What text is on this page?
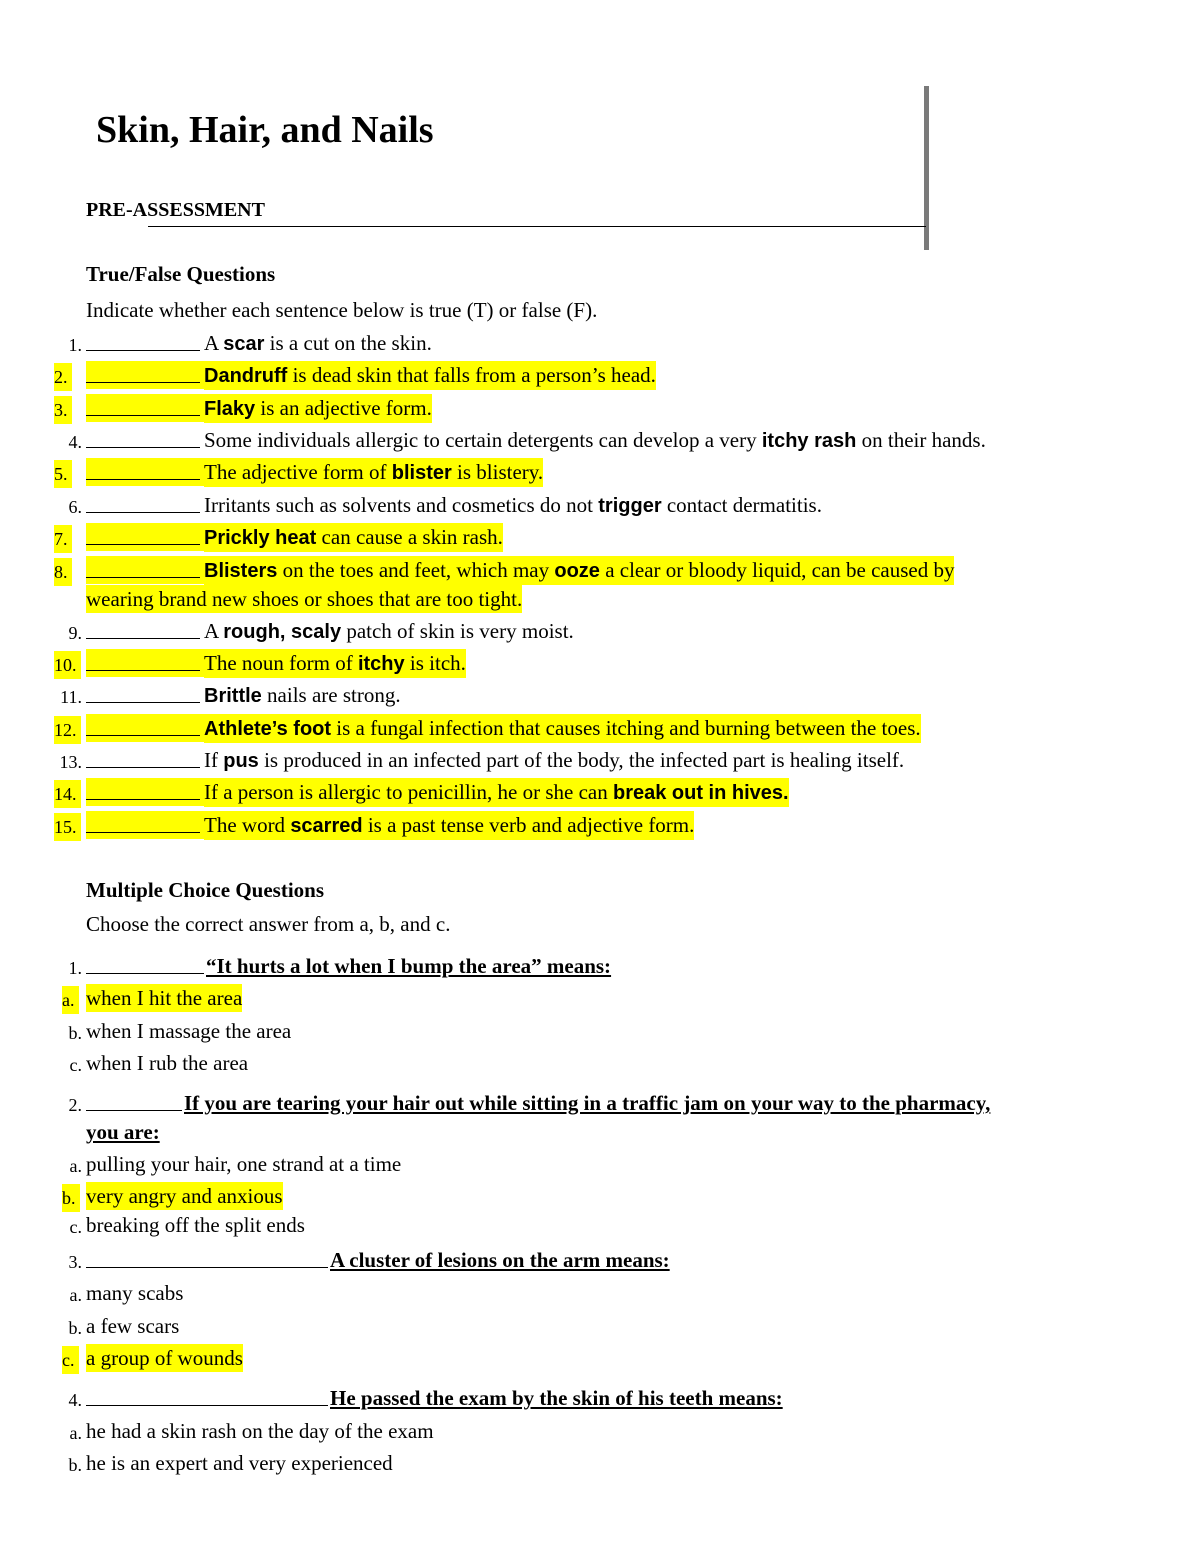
Skin, Hair, and Nails
PRE-ASSESSMENT
True/False Questions
Indicate whether each sentence below is true (T) or false (F).
1.	A scar is a cut on the skin.
2.	Dandruff is dead skin that falls from a person’s head.
3.	Flaky is an adjective form.
4.	Some individuals allergic to certain detergents can develop a very itchy rash on their hands.
5.	The adjective form of blister is blistery.
6.	Irritants such as solvents and cosmetics do not trigger contact dermatitis.
7.	Prickly heat can cause a skin rash.
8.	Blisters on the toes and feet, which may ooze a clear or bloody liquid, can be caused by
wearing brand new shoes or shoes that are too tight.
9.	A rough, scaly patch of skin is very moist.
10.	The noun form of itchy is itch.
11.	Brittle nails are strong.
12.	Athlete’s foot is a fungal infection that causes itching and burning between the toes.
13.	If pus is produced in an infected part of the body, the infected part is healing itself.
14.	If a person is allergic to penicillin, he or she can break out in hives.
15.	The word scarred is a past tense verb and adjective form.
Multiple Choice Questions
Choose the correct answer from a, b, and c.
1.	“It hurts a lot when I bump the area” means:
a. when I hit the area
b. when I massage the area
c. when I rub the area
2.	If you are tearing your hair out while sitting in a traffic jam on your way to the pharmacy,
you are:
a. pulling your hair, one strand at a time
b. very angry and anxious
c. breaking off the split ends
3.	A cluster of lesions on the arm means:
a. many scabs
b. a few scars
c. a group of wounds
4.	He passed the exam by the skin of his teeth means:
a. he had a skin rash on the day of the exam
b. he is an expert and very experienced
